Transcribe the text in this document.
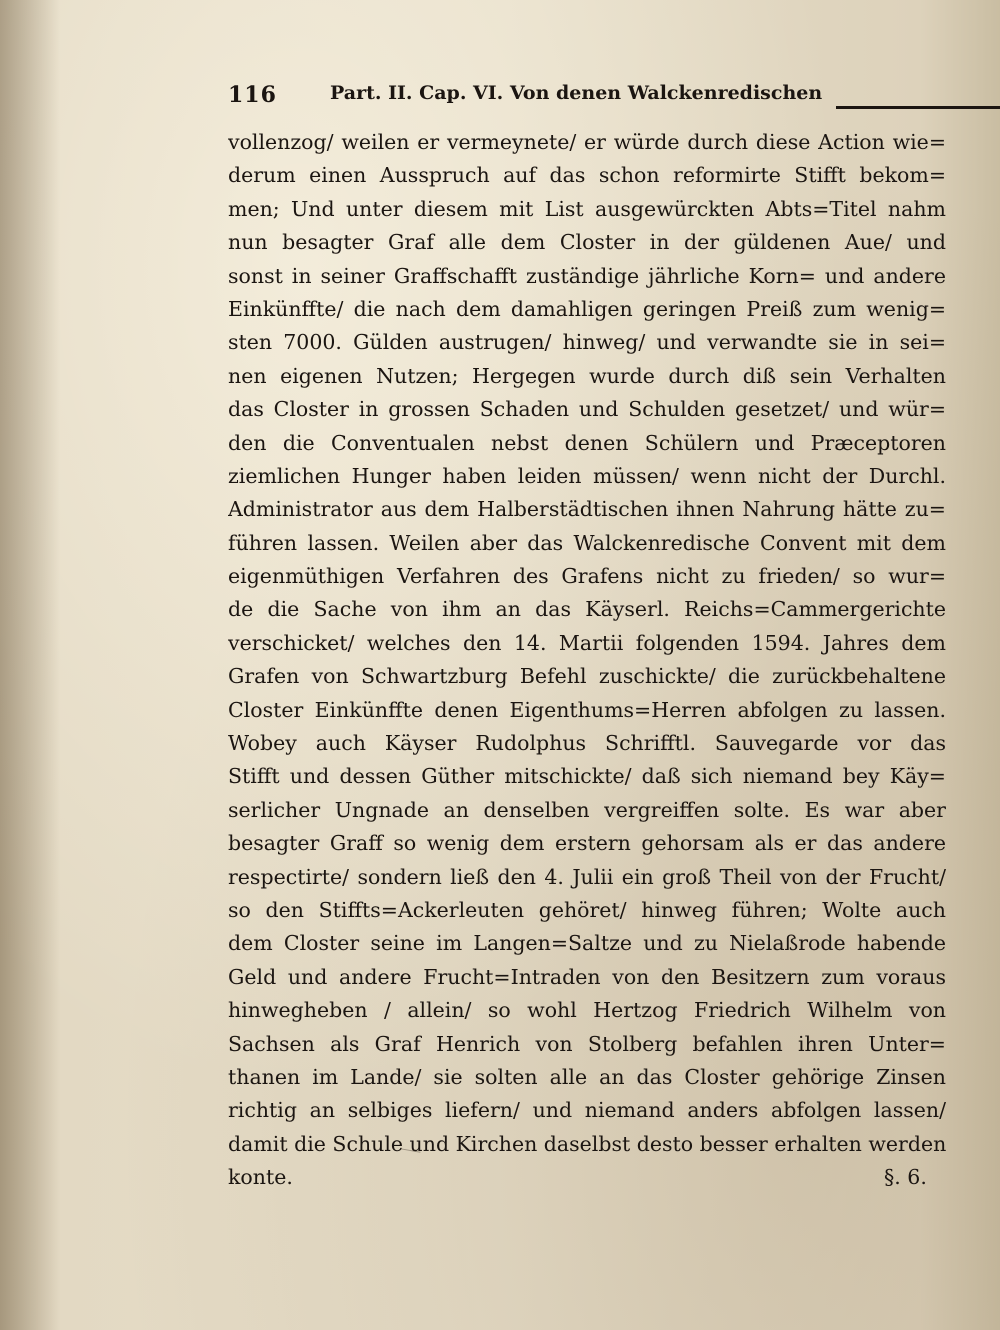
116	Part. II. Cap. VI. Von denen Walckenredischen
vollenzog/ weilen er vermeynete/ er würde durch diese Action wie=
derum einen Ausspruch auf das schon reformirte Stifft bekom=
men; Und unter diesem mit List ausgewürckten Abts=Titel nahm
nun besagter Graf alle dem Closter in der güldenen Aue/ und
sonst in seiner Graffschafft zuständige jährliche Korn= und andere
Einkünffte/ die nach dem damahligen geringen Preiß zum wenig=
sten 7000. Gülden austrugen/ hinweg/ und verwandte sie in sei=
nen eigenen Nutzen; Hergegen wurde durch diß sein Verhalten
das Closter in grossen Schaden und Schulden gesetzet/ und wür=
den die Conventualen nebst denen Schülern und Præceptoren
ziemlichen Hunger haben leiden müssen/ wenn nicht der Durchl.
Administrator aus dem Halberstädtischen ihnen Nahrung hätte zu=
führen lassen. Weilen aber das Walckenredische Convent mit dem
eigenmüthigen Verfahren des Grafens nicht zu frieden/ so wur=
de die Sache von ihm an das Käyserl. Reichs=Cammergerichte
verschicket/ welches den 14. Martii folgenden 1594. Jahres dem
Grafen von Schwartzburg Befehl zuschickte/ die zurückbehaltene
Closter Einkünffte denen Eigenthums=Herren abfolgen zu lassen.
Wobey auch Käyser Rudolphus Schrifftl. Sauvegarde vor das
Stifft und dessen Güther mitschickte/ daß sich niemand bey Käy=
serlicher Ungnade an denselben vergreiffen solte. Es war aber
besagter Graff so wenig dem erstern gehorsam als er das andere
respectirte/ sondern ließ den 4. Julii ein groß Theil von der Frucht/
so den Stiffts=Ackerleuten gehöret/ hinweg führen; Wolte auch
dem Closter seine im Langen=Saltze und zu Nielaßrode habende
Geld und andere Frucht=Intraden von den Besitzern zum voraus
hinwegheben / allein/ so wohl Hertzog Friedrich Wilhelm von
Sachsen als Graf Henrich von Stolberg befahlen ihren Unter=
thanen im Lande/ sie solten alle an das Closter gehörige Zinsen
richtig an selbiges liefern/ und niemand anders abfolgen lassen/
damit die Schule und Kirchen daselbst desto besser erhalten werden
konte.	§. 6.
